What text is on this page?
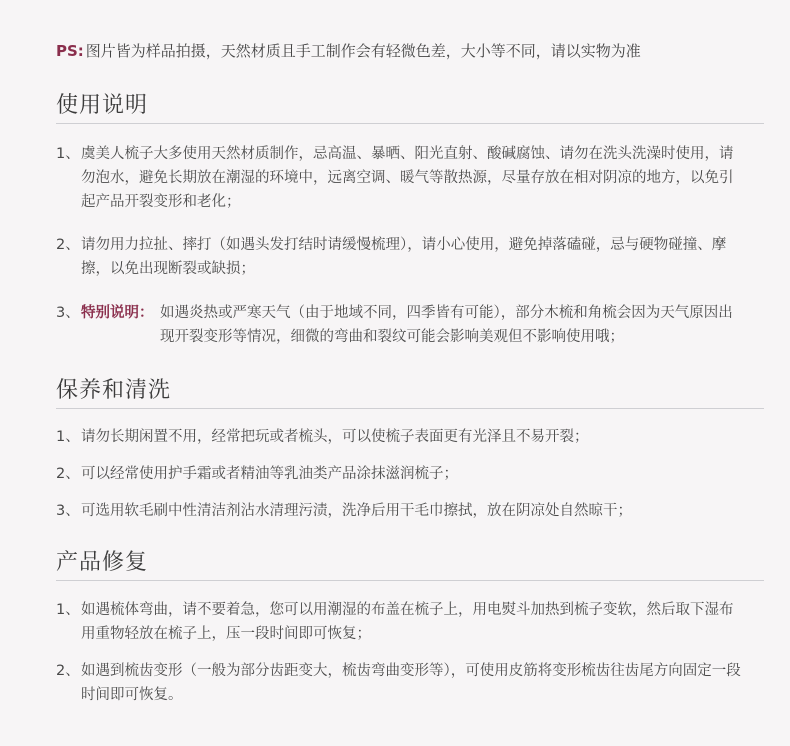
PS: 图片皆为样品拍摄，天然材质且手工制作会有轻微色差，大小等不同，请以实物为准
使用说明
1、 虞美人梳子大多使用天然材质制作，忌高温、暴晒、阳光直射、酸碱腐蚀、请勿在洗头洗澡时使用，请勿泡水，避免长期放在潮湿的环境中，远离空调、暖气等散热源，尽量存放在相对阴凉的地方，以免引起产品开裂变形和老化；
2、 请勿用力拉扯、摔打（如遇头发打结时请缓慢梳理），请小心使用，避免掉落磕碰，忌与硬物碰撞、摩擦，以免出现断裂或缺损；
3、 特别说明： 如遇炎热或严寒天气（由于地域不同，四季皆有可能），部分木梳和角梳会因为天气原因出现开裂变形等情况，细微的弯曲和裂纹可能会影响美观但不影响使用哦；
保养和清洗
1、 请勿长期闲置不用，经常把玩或者梳头，可以使梳子表面更有光泽且不易开裂；
2、 可以经常使用护手霜或者精油等乳油类产品涂抹滋润梳子；
3、 可选用软毛刷中性清洁剂沾水清理污渍，洗净后用干毛巾擦拭，放在阴凉处自然晾干；
产品修复
1、 如遇梳体弯曲，请不要着急，您可以用潮湿的布盖在梳子上，用电熨斗加热到梳子变软，然后取下湿布用重物轻放在梳子上，压一段时间即可恢复；
2、 如遇到梳齿变形（一般为部分齿距变大，梳齿弯曲变形等），可使用皮筋将变形梳齿往齿尾方向固定一段时间即可恢复。
